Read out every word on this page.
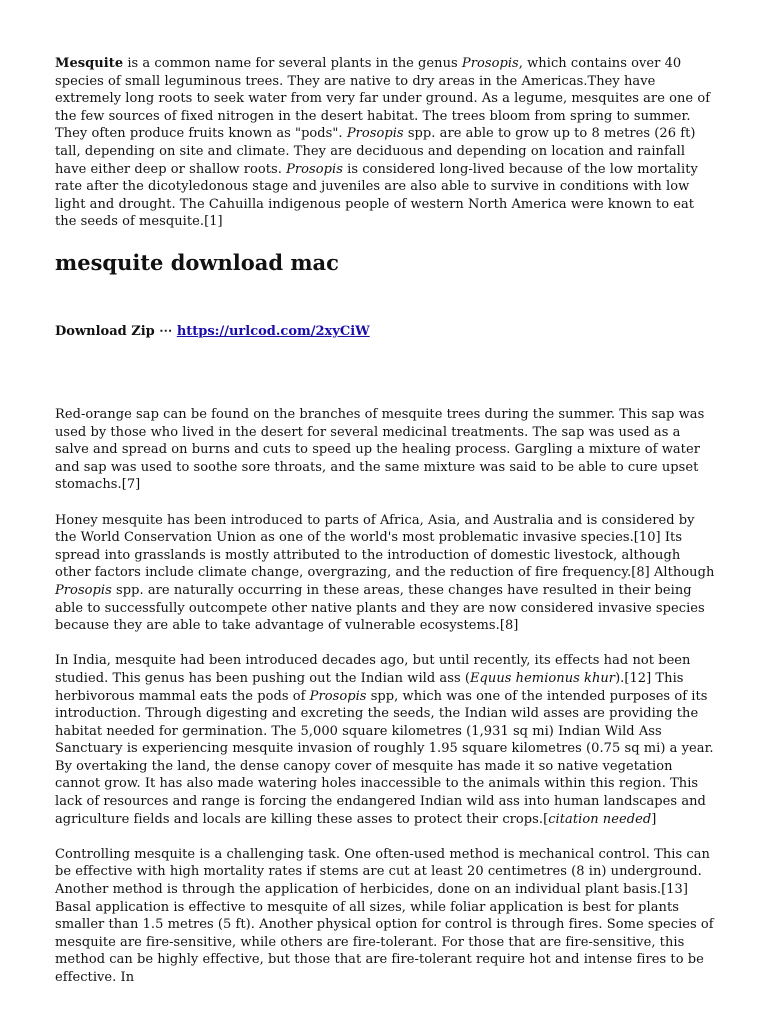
Mesquite is a common name for several plants in the genus Prosopis, which contains over 40 species of small leguminous trees. They are native to dry areas in the Americas.They have extremely long roots to seek water from very far under ground. As a legume, mesquites are one of the few sources of fixed nitrogen in the desert habitat. The trees bloom from spring to summer. They often produce fruits known as "pods". Prosopis spp. are able to grow up to 8 metres (26 ft) tall, depending on site and climate. They are deciduous and depending on location and rainfall have either deep or shallow roots. Prosopis is considered long-lived because of the low mortality rate after the dicotyledonous stage and juveniles are also able to survive in conditions with low light and drought. The Cahuilla indigenous people of western North America were known to eat the seeds of mesquite.[1]

mesquite download mac
Download Zip ⋯ https://urlcod.com/2xyCiW

Red-orange sap can be found on the branches of mesquite trees during the summer. This sap was used by those who lived in the desert for several medicinal treatments. The sap was used as a salve and spread on burns and cuts to speed up the healing process. Gargling a mixture of water and sap was used to soothe sore throats, and the same mixture was said to be able to cure upset stomachs.[7]

Honey mesquite has been introduced to parts of Africa, Asia, and Australia and is considered by the World Conservation Union as one of the world's most problematic invasive species.[10] Its spread into grasslands is mostly attributed to the introduction of domestic livestock, although other factors include climate change, overgrazing, and the reduction of fire frequency.[8] Although Prosopis spp. are naturally occurring in these areas, these changes have resulted in their being able to successfully outcompete other native plants and they are now considered invasive species because they are able to take advantage of vulnerable ecosystems.[8]

In India, mesquite had been introduced decades ago, but until recently, its effects had not been studied. This genus has been pushing out the Indian wild ass (Equus hemionus khur).[12] This herbivorous mammal eats the pods of Prosopis spp, which was one of the intended purposes of its introduction. Through digesting and excreting the seeds, the Indian wild asses are providing the habitat needed for germination. The 5,000 square kilometres (1,931 sq mi) Indian Wild Ass Sanctuary is experiencing mesquite invasion of roughly 1.95 square kilometres (0.75 sq mi) a year. By overtaking the land, the dense canopy cover of mesquite has made it so native vegetation cannot grow. It has also made watering holes inaccessible to the animals within this region. This lack of resources and range is forcing the endangered Indian wild ass into human landscapes and agriculture fields and locals are killing these asses to protect their crops.[citation needed]

Controlling mesquite is a challenging task. One often-used method is mechanical control. This can be effective with high mortality rates if stems are cut at least 20 centimetres (8 in) underground. Another method is through the application of herbicides, done on an individual plant basis.[13] Basal application is effective to mesquite of all sizes, while foliar application is best for plants smaller than 1.5 metres (5 ft). Another physical option for control is through fires. Some species of mesquite are fire-sensitive, while others are fire-tolerant. For those that are fire-sensitive, this method can be highly effective, but those that are fire-tolerant require hot and intense fires to be effective. In
